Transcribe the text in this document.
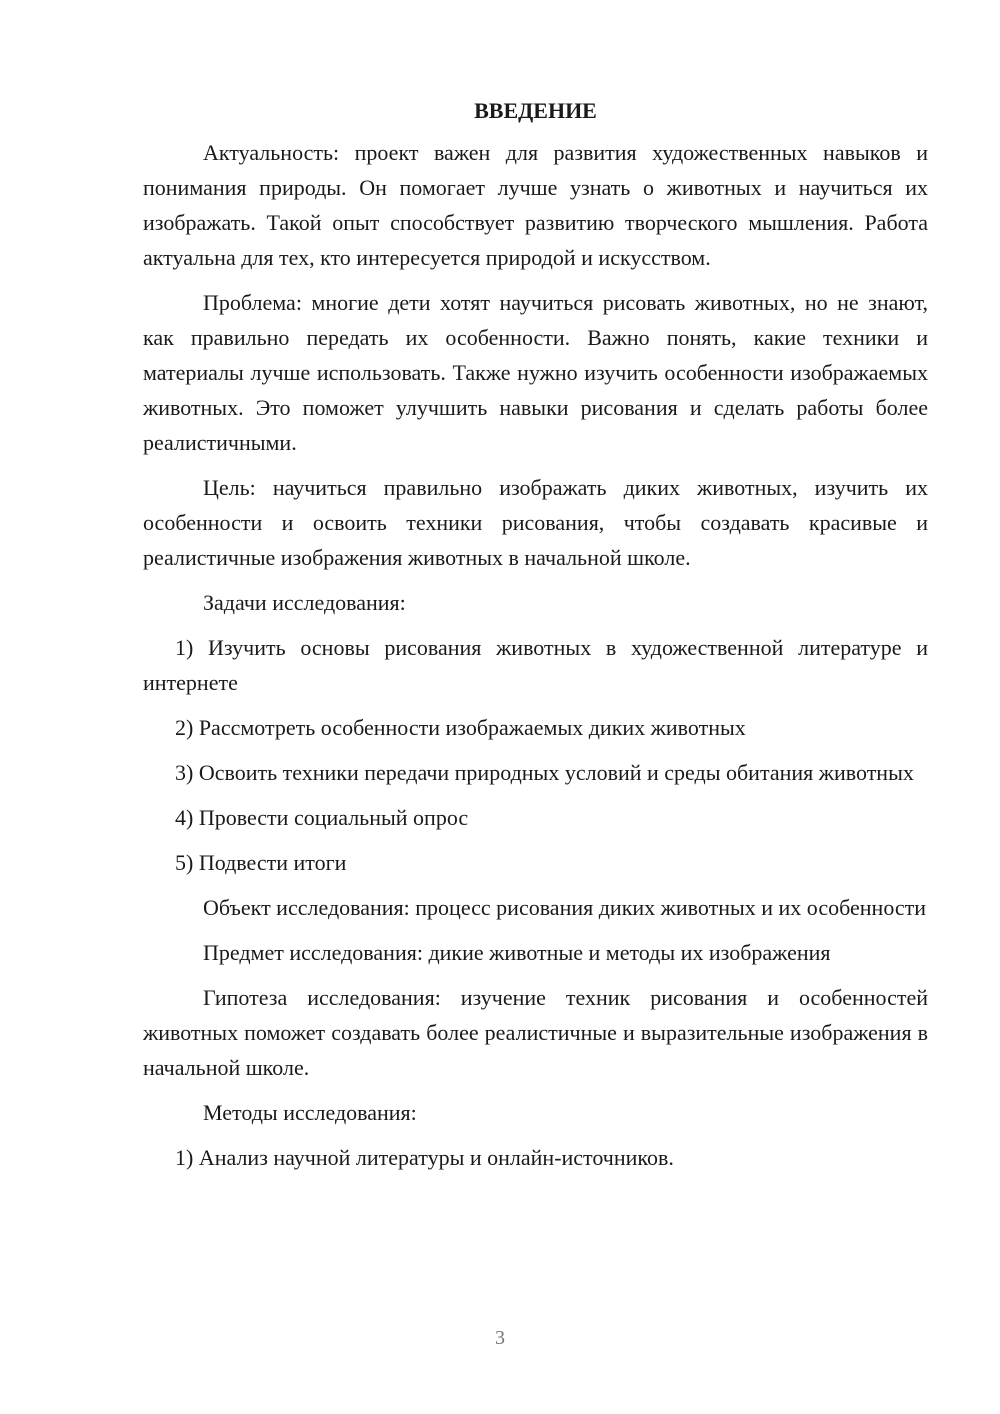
ВВЕДЕНИЕ

Актуальность: проект важен для развития художественных навыков и понимания природы. Он помогает лучше узнать о животных и научиться их изображать. Такой опыт способствует развитию творческого мышления. Работа актуальна для тех, кто интересуется природой и искусством.

Проблема: многие дети хотят научиться рисовать животных, но не знают, как правильно передать их особенности. Важно понять, какие техники и материалы лучше использовать. Также нужно изучить особенности изображаемых животных. Это поможет улучшить навыки рисования и сделать работы более реалистичными.

Цель: научиться правильно изображать диких животных, изучить их особенности и освоить техники рисования, чтобы создавать красивые и реалистичные изображения животных в начальной школе.

Задачи исследования:

1) Изучить основы рисования животных в художественной литературе и интернете

2) Рассмотреть особенности изображаемых диких животных

3) Освоить техники передачи природных условий и среды обитания животных

4) Провести социальный опрос

5) Подвести итоги

Объект исследования: процесс рисования диких животных и их особенности

Предмет исследования: дикие животные и методы их изображения

Гипотеза исследования: изучение техник рисования и особенностей животных поможет создавать более реалистичные и выразительные изображения в начальной школе.

Методы исследования:

1) Анализ научной литературы и онлайн-источников.

3
